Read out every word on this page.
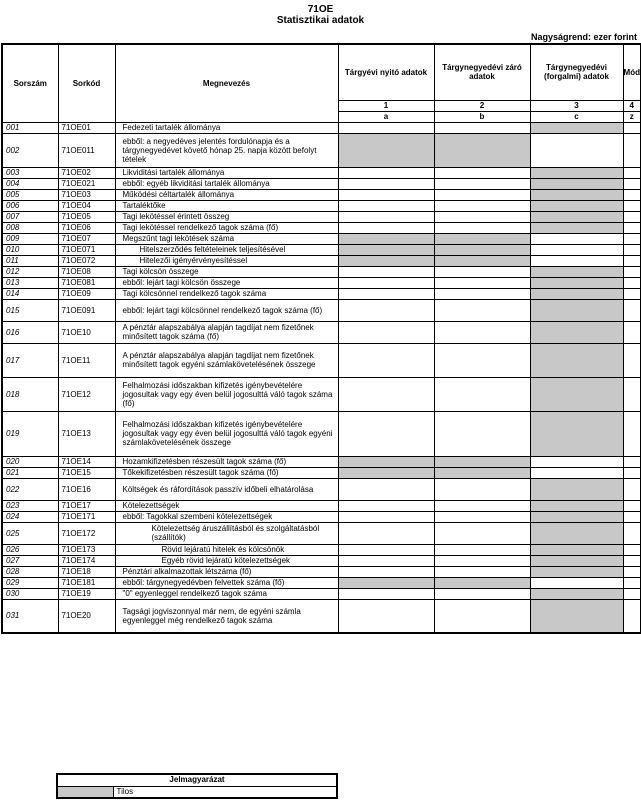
71OE
Statisztikai adatok
Nagyságrend: ezer forint
Sorszám	Sorkód	Megnevezés	Tárgyévi nyitó adatok	Tárgynegyedévi záró adatok	Tárgynegyedévi (forgalmi) adatok	Mód
			1	2	3	4
			a	b	c	z
001	71OE01	Fedezeti tartalék állománya				
002	71OE011	ebből: a negyedéves jelentés fordulónapja és a tárgynegyedévet követő hónap 25. napja között befolyt tételek				
003	71OE02	Likviditási tartalék állománya				
004	71OE021	ebből: egyéb likviditási tartalék állománya				
005	71OE03	Működési céltartalék állománya				
006	71OE04	Tartaléktőke				
007	71OE05	Tagi lekötéssel érintett összeg				
008	71OE06	Tagi lekötéssel rendelkező tagok száma (fő)				
009	71OE07	Megszűnt tagi lekötések száma				
010	71OE071	Hitelszerződés feltételeinek teljesítésével				
011	71OE072	Hitelezői igényérvényesítéssel				
012	71OE08	Tagi kölcsön összege				
013	71OE081	ebből: lejárt tagi kölcsön összege				
014	71OE09	Tagi kölcsönnel rendelkező tagok száma				
015	71OE091	ebből: lejárt tagi kölcsönnel rendelkező tagok száma (fő)				
016	71OE10	A pénztár alapszabálya alapján tagdíjat nem fizetőnek minősített tagok száma (fő)				
017	71OE11	A pénztár alapszabálya alapján tagdíjat nem fizetőnek minősített tagok egyéni számlakövetelésének összege				
018	71OE12	Felhalmozási időszakban kifizetés igénybevételére jogosultak vagy egy éven belül jogosulttá váló tagok száma (fő)				
019	71OE13	Felhalmozási időszakban kifizetés igénybevételére jogosultak vagy egy éven belül jogosulttá váló tagok egyéni számlakövetelésének összege				
020	71OE14	Hozamkifizetésben részesült tagok száma (fő)				
021	71OE15	Tőkekifizetésben részesült tagok száma (fő)				
022	71OE16	Költségek és ráfordítások passzív időbeli elhatárolása				
023	71OE17	Kötelezettségek				
024	71OE171	ebből: Tagokkal szembeni kötelezettségek				
025	71OE172	Kötelezettség áruszállításból és szolgáltatásból (szállítók)				
026	71OE173	Rövid lejáratú hitelek és kölcsönök				
027	71OE174	Egyéb rövid lejáratú kötelezettségek				
028	71OE18	Pénztári alkalmazottak létszáma (fő)				
029	71OE181	ebből: tárgynegyedévben felvettek száma (fő)				
030	71OE19	"0" egyenleggel rendelkező tagok száma				
031	71OE20	Tagsági jogviszonnyal már nem, de egyéni számla egyenleggel még rendelkező tagok száma				
Jelmagyarázat
	Tilos
